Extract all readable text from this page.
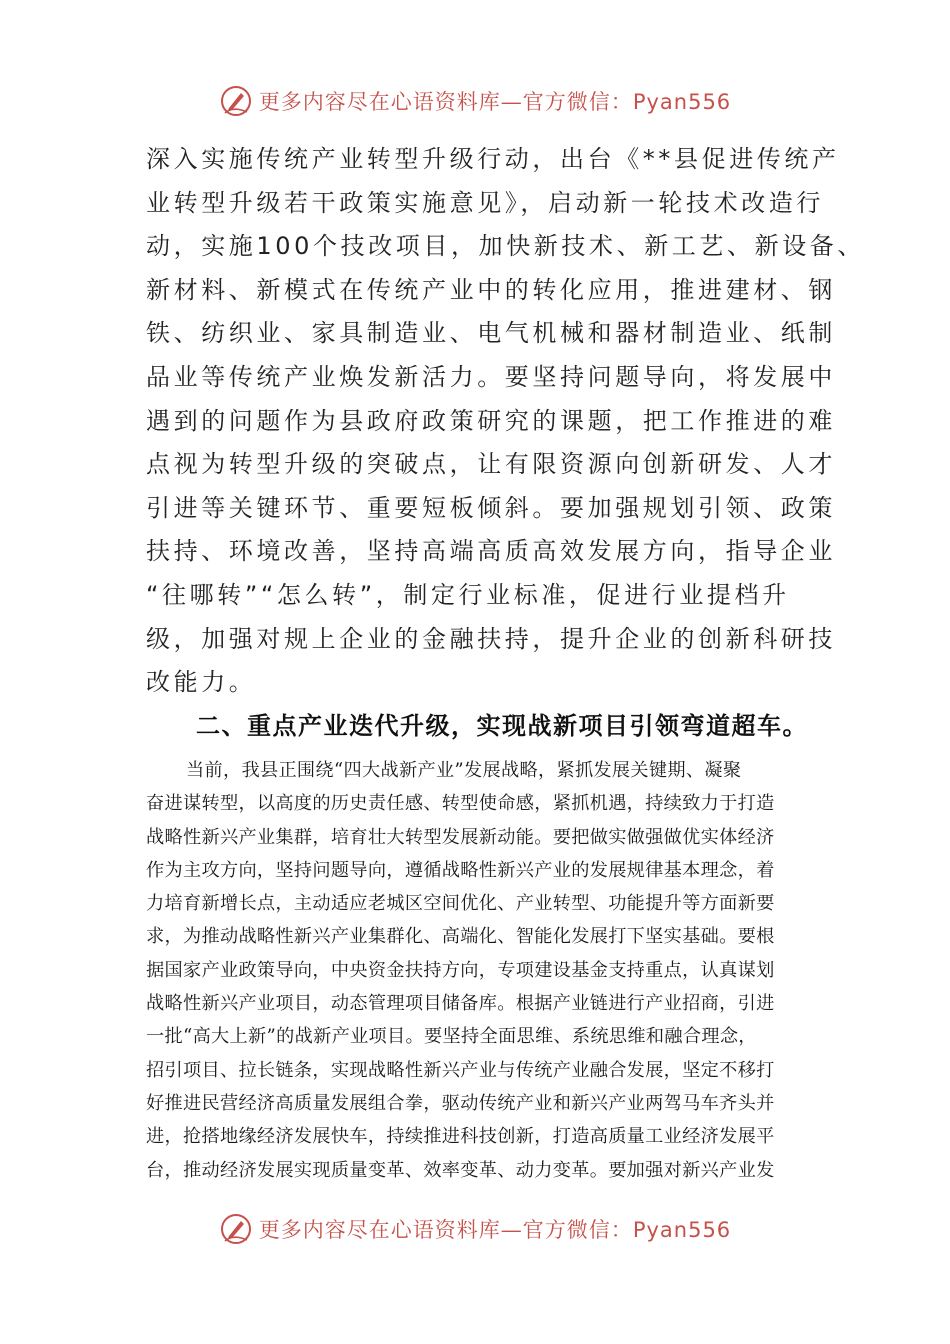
更多内容尽在心语资料库—官方微信：Pyan556
深入实施传统产业转型升级行动，出台《**县促进传统产
业转型升级若干政策实施意见》，启动新一轮技术改造行
动，实施100个技改项目，加快新技术、新工艺、新设备、
新材料、新模式在传统产业中的转化应用，推进建材、钢
铁、纺织业、家具制造业、电气机械和器材制造业、纸制
品业等传统产业焕发新活力。要坚持问题导向，将发展中
遇到的问题作为县政府政策研究的课题，把工作推进的难
点视为转型升级的突破点，让有限资源向创新研发、人才
引进等关键环节、重要短板倾斜。要加强规划引领、政策
扶持、环境改善，坚持高端高质高效发展方向，指导企业
“往哪转”“怎么转”，制定行业标准，促进行业提档升
级，加强对规上企业的金融扶持，提升企业的创新科研技
改能力。
二、重点产业迭代升级，实现战新项目引领弯道超车。
当前，我县正围绕“四大战新产业”发展战略，紧抓发展关键期、凝聚
奋进谋转型，以高度的历史责任感、转型使命感，紧抓机遇，持续致力于打造
战略性新兴产业集群，培育壮大转型发展新动能。要把做实做强做优实体经济
作为主攻方向，坚持问题导向，遵循战略性新兴产业的发展规律基本理念，着
力培育新增长点，主动适应老城区空间优化、产业转型、功能提升等方面新要
求，为推动战略性新兴产业集群化、高端化、智能化发展打下坚实基础。要根
据国家产业政策导向，中央资金扶持方向，专项建设基金支持重点，认真谋划
战略性新兴产业项目，动态管理项目储备库。根据产业链进行产业招商，引进
一批“高大上新”的战新产业项目。要坚持全面思维、系统思维和融合理念，
招引项目、拉长链条，实现战略性新兴产业与传统产业融合发展，坚定不移打
好推进民营经济高质量发展组合拳，驱动传统产业和新兴产业两驾马车齐头并
进，抢搭地缘经济发展快车，持续推进科技创新，打造高质量工业经济发展平
台，推动经济发展实现质量变革、效率变革、动力变革。要加强对新兴产业发
更多内容尽在心语资料库—官方微信：Pyan556
